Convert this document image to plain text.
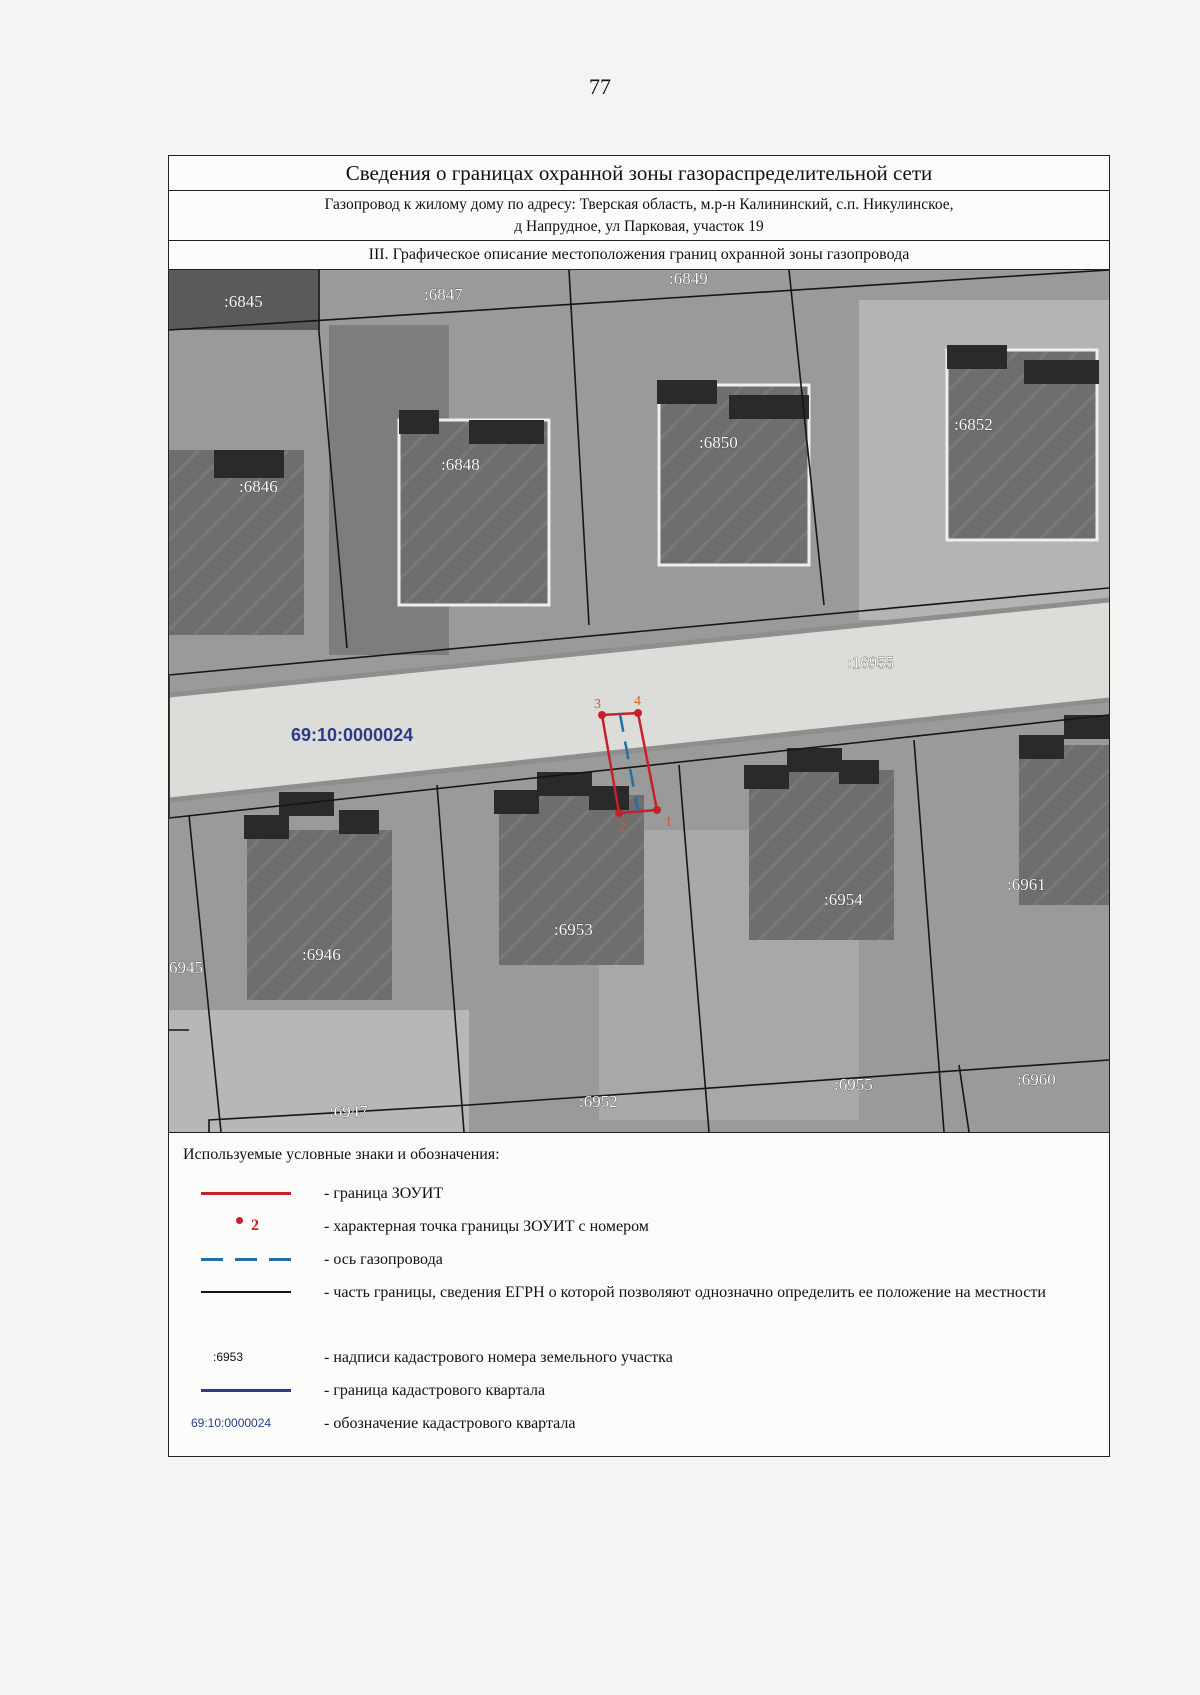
77
Сведения о границах охранной зоны газораспределительной сети
Газопровод к жилому дому по адресу: Тверская область, м.р-н Калининский, с.п. Никулинское,
д Напрудное, ул Парковая, участок 19
III. Графическое описание местоположения границ охранной зоны газопровода
1
2
3 4
:6845	:6847
:6849
:6846
:6848
:6850
:6852
:16955
:6961
:6954
:6953
:6946
6945
:6947
:6952
:6955	:6960
69:10:0000024
Используемые условные знаки и обозначения:
- граница ЗОУИТ
2	- характерная точка границы ЗОУИТ с номером
- ось газопровода
- часть границы, сведения ЕГРН о которой позволяют однозначно определить ее положение на местности
:6953	- надписи кадастрового номера земельного участка
- граница кадастрового квартала
69:10:0000024	- обозначение кадастрового квартала
